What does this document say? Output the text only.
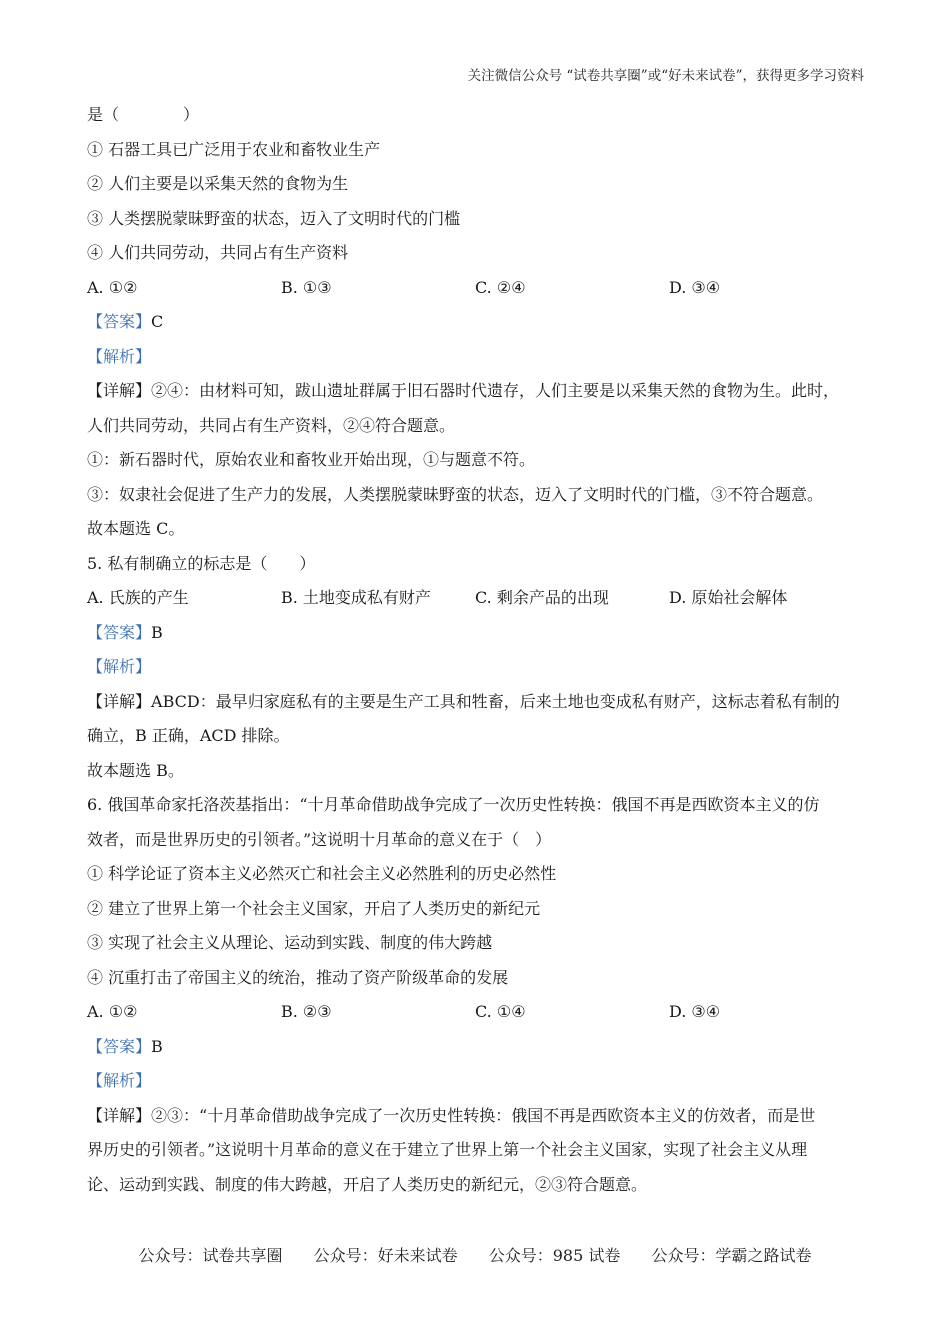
关注微信公众号 “试卷共享圈”或“好未来试卷”，获得更多学习资料
是（　　　　）
① 石器工具已广泛用于农业和畜牧业生产
② 人们主要是以采集天然的食物为生
③ 人类摆脱蒙昧野蛮的状态，迈入了文明时代的门槛
④ 人们共同劳动，共同占有生产资料
A. ①②	B. ①③	C. ②④	D. ③④
【答案】C
【解析】
【详解】②④：由材料可知，跋山遗址群属于旧石器时代遗存，人们主要是以采集天然的食物为生。此时，
人们共同劳动，共同占有生产资料，②④符合题意。
①：新石器时代，原始农业和畜牧业开始出现，①与题意不符。
③：奴隶社会促进了生产力的发展，人类摆脱蒙昧野蛮的状态，迈入了文明时代的门槛，③不符合题意。
故本题选 C。
5. 私有制确立的标志是（　　）
A. 氏族的产生	B. 土地变成私有财产	C. 剩余产品的出现	D. 原始社会解体
【答案】B
【解析】
【详解】ABCD：最早归家庭私有的主要是生产工具和牲畜，后来土地也变成私有财产，这标志着私有制的
确立，B 正确，ACD 排除。
故本题选 B。
6. 俄国革命家托洛茨基指出：“十月革命借助战争完成了一次历史性转换：俄国不再是西欧资本主义的仿
效者，而是世界历史的引领者。”这说明十月革命的意义在于（　）
① 科学论证了资本主义必然灭亡和社会主义必然胜利的历史必然性
② 建立了世界上第一个社会主义国家，开启了人类历史的新纪元
③ 实现了社会主义从理论、运动到实践、制度的伟大跨越
④ 沉重打击了帝国主义的统治，推动了资产阶级革命的发展
A. ①②	B. ②③	C. ①④	D. ③④
【答案】B
【解析】
【详解】②③：“十月革命借助战争完成了一次历史性转换：俄国不再是西欧资本主义的仿效者，而是世
界历史的引领者。”这说明十月革命的意义在于建立了世界上第一个社会主义国家，实现了社会主义从理
论、运动到实践、制度的伟大跨越，开启了人类历史的新纪元，②③符合题意。
公众号：试卷共享圈 公众号：好未来试卷 公众号：985 试卷 公众号：学霸之路试卷
